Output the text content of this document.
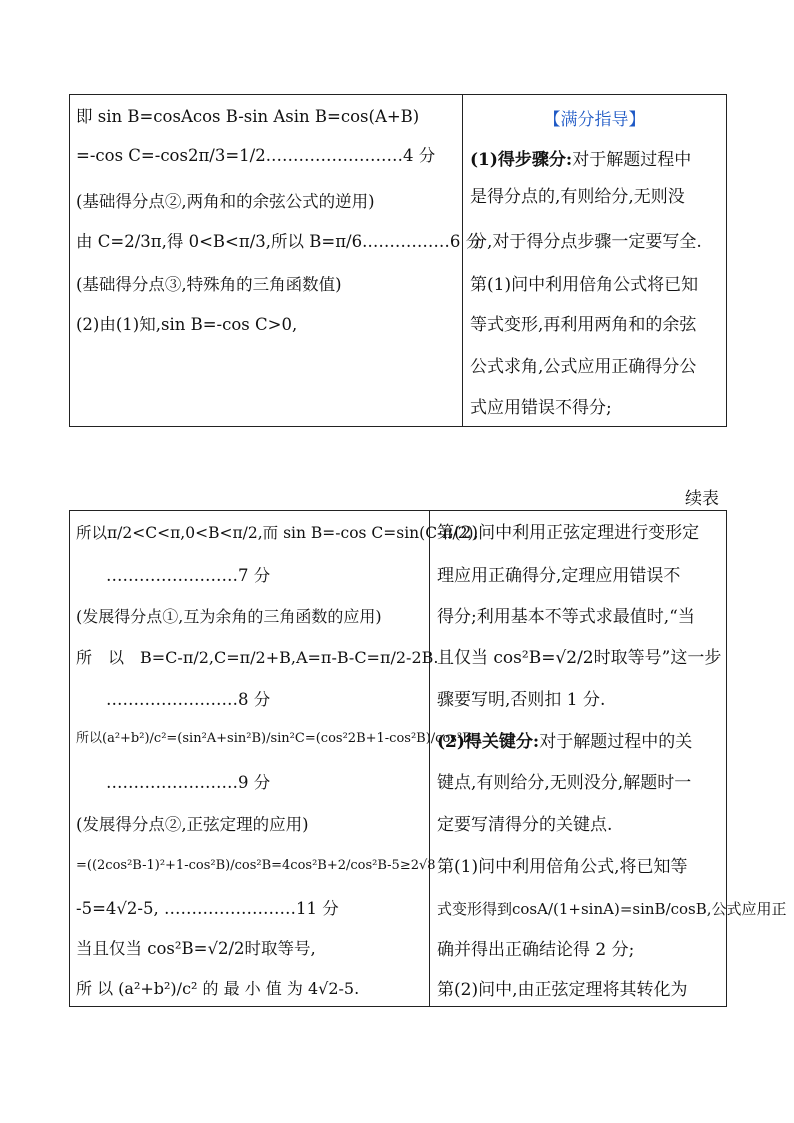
即 sin B=cosAcos B-sin Asin B=cos(A+B)
=-cos C=-cos2π/3=1/2.……………………4 分
(基础得分点②,两角和的余弦公式的逆用)
由 C=2/3π,得 0<B<π/3,所以 B=π/6.……………6 分
(基础得分点③,特殊角的三角函数值)
(2)由(1)知,sin B=-cos C>0,

【满分指导】
(1)得步骤分:对于解题过程中
是得分点的,有则给分,无则没
分,对于得分点步骤一定要写全.
第(1)问中利用倍角公式将已知
等式变形,再利用两角和的余弦
公式求角,公式应用正确得分公
式应用错误不得分;
续表
所以π/2<C<π,0<B<π/2,而 sin B=-cos C=sin(C-π/2),
……………………7 分
(发展得分点①,互为余角的三角函数的应用)
所　以　B=C-π/2,C=π/2+B,A=π-B-C=π/2-2B.
……………………8 分
所以(a²+b²)/c²=(sin²A+sin²B)/sin²C=(cos²2B+1-cos²B)/cos²B
……………………9 分
(发展得分点②,正弦定理的应用)
=((2cos²B-1)²+1-cos²B)/cos²B=4cos²B+2/cos²B-5≥2√8
-5=4√2-5, ……………………11 分
当且仅当 cos²B=√2/2时取等号,
所 以 (a²+b²)/c² 的 最 小 值 为 4√2-5.

第(2)问中利用正弦定理进行变形定
理应用正确得分,定理应用错误不
得分;利用基本不等式求最值时,“当
且仅当 cos²B=√2/2时取等号”这一步
骤要写明,否则扣 1 分.
(2)得关键分:对于解题过程中的关
键点,有则给分,无则没分,解题时一
定要写清得分的关键点.
第(1)问中利用倍角公式,将已知等
式变形得到cosA/(1+sinA)=sinB/cosB,公式应用正
确并得出正确结论得 2 分;
第(2)问中,由正弦定理将其转化为
